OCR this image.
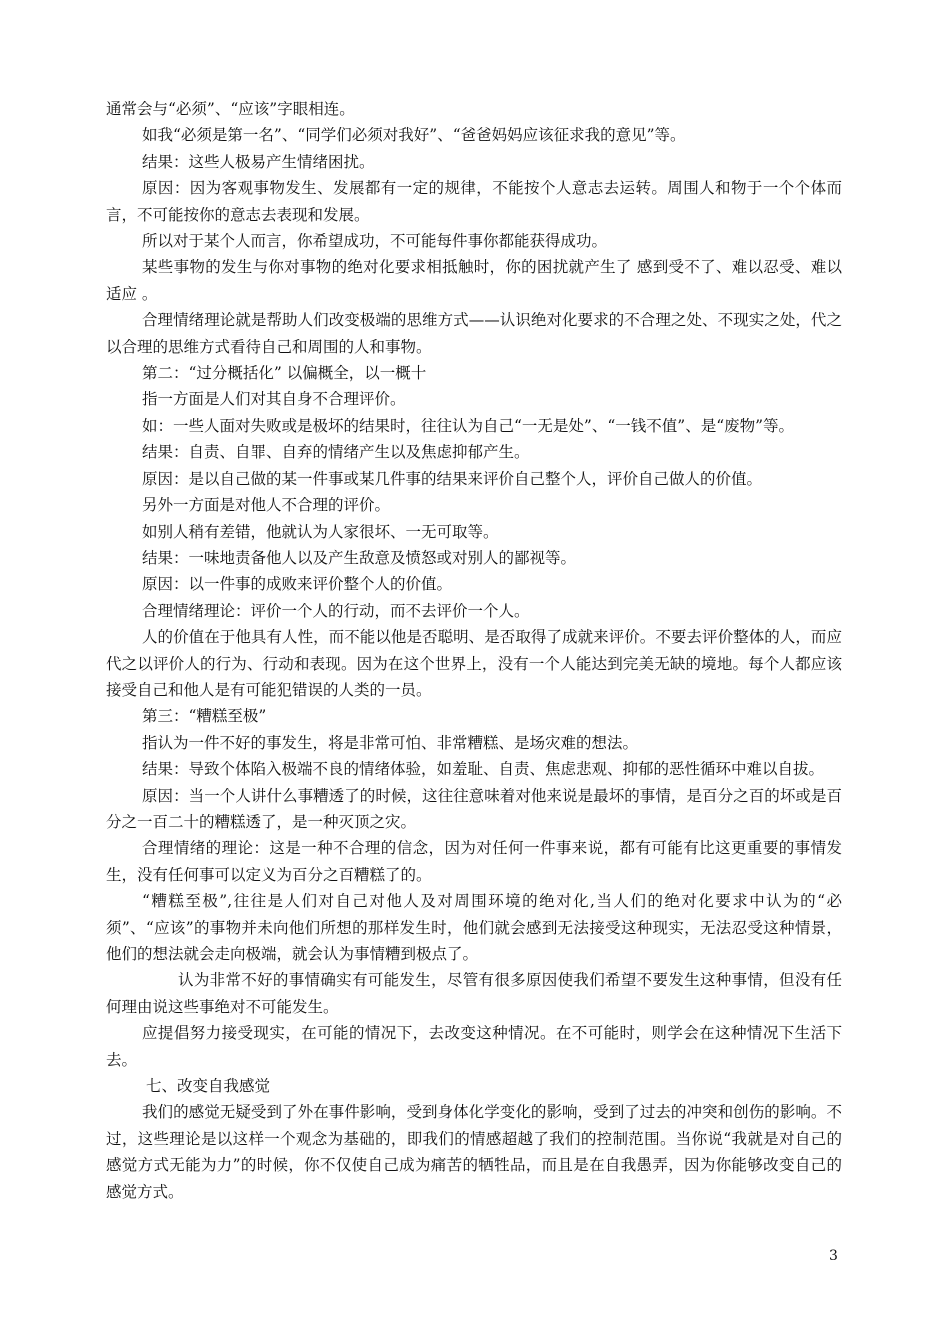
通常会与“必须”、“应该”字眼相连。

如我“必须是第一名”、“同学们必须对我好”、“爸爸妈妈应该征求我的意见”等。

结果：这些人极易产生情绪困扰。

原因：因为客观事物发生、发展都有一定的规律，不能按个人意志去运转。周围人和物于一个个体而言，不可能按你的意志去表现和发展。

所以对于某个人而言，你希望成功，不可能每件事你都能获得成功。

某些事物的发生与你对事物的绝对化要求相抵触时，你的困扰就产生了 感到受不了、难以忍受、难以适应 。

合理情绪理论就是帮助人们改变极端的思维方式——认识绝对化要求的不合理之处、不现实之处，代之以合理的思维方式看待自己和周围的人和事物。

第二：“过分概括化” 以偏概全，以一概十

指一方面是人们对其自身不合理评价。

如：一些人面对失败或是极坏的结果时，往往认为自己“一无是处”、“一钱不值”、是“废物”等。

结果：自责、自罪、自弃的情绪产生以及焦虑抑郁产生。

原因：是以自己做的某一件事或某几件事的结果来评价自己整个人，评价自己做人的价值。

另外一方面是对他人不合理的评价。

如别人稍有差错，他就认为人家很坏、一无可取等。

结果：一味地责备他人以及产生敌意及愤怒或对别人的鄙视等。

原因：以一件事的成败来评价整个人的价值。

合理情绪理论：评价一个人的行动，而不去评价一个人。

人的价值在于他具有人性，而不能以他是否聪明、是否取得了成就来评价。不要去评价整体的人，而应代之以评价人的行为、行动和表现。因为在这个世界上，没有一个人能达到完美无缺的境地。每个人都应该接受自己和他人是有可能犯错误的人类的一员。

第三：“糟糕至极”

指认为一件不好的事发生，将是非常可怕、非常糟糕、是场灾难的想法。

结果：导致个体陷入极端不良的情绪体验，如羞耻、自责、焦虑悲观、抑郁的恶性循环中难以自拔。

原因：当一个人讲什么事糟透了的时候，这往往意味着对他来说是最坏的事情，是百分之百的坏或是百分之一百二十的糟糕透了，是一种灭顶之灾。

合理情绪的理论：这是一种不合理的信念，因为对任何一件事来说，都有可能有比这更重要的事情发生，没有任何事可以定义为百分之百糟糕了的。

“糟糕至极”,往往是人们对自己对他人及对周围环境的绝对化,当人们的绝对化要求中认为的“必须”、“应该”的事物并未向他们所想的那样发生时，他们就会感到无法接受这种现实，无法忍受这种情景，他们的想法就会走向极端，就会认为事情糟到极点了。

认为非常不好的事情确实有可能发生，尽管有很多原因使我们希望不要发生这种事情，但没有任何理由说这些事绝对不可能发生。

应提倡努力接受现实，在可能的情况下，去改变这种情况。在不可能时，则学会在这种情况下生活下去。

七、改变自我感觉

我们的感觉无疑受到了外在事件影响，受到身体化学变化的影响，受到了过去的冲突和创伤的影响。不过，这些理论是以这样一个观念为基础的，即我们的情感超越了我们的控制范围。当你说“我就是对自己的感觉方式无能为力”的时候，你不仅使自己成为痛苦的牺牲品，而且是在自我愚弄，因为你能够改变自己的感觉方式。

3
